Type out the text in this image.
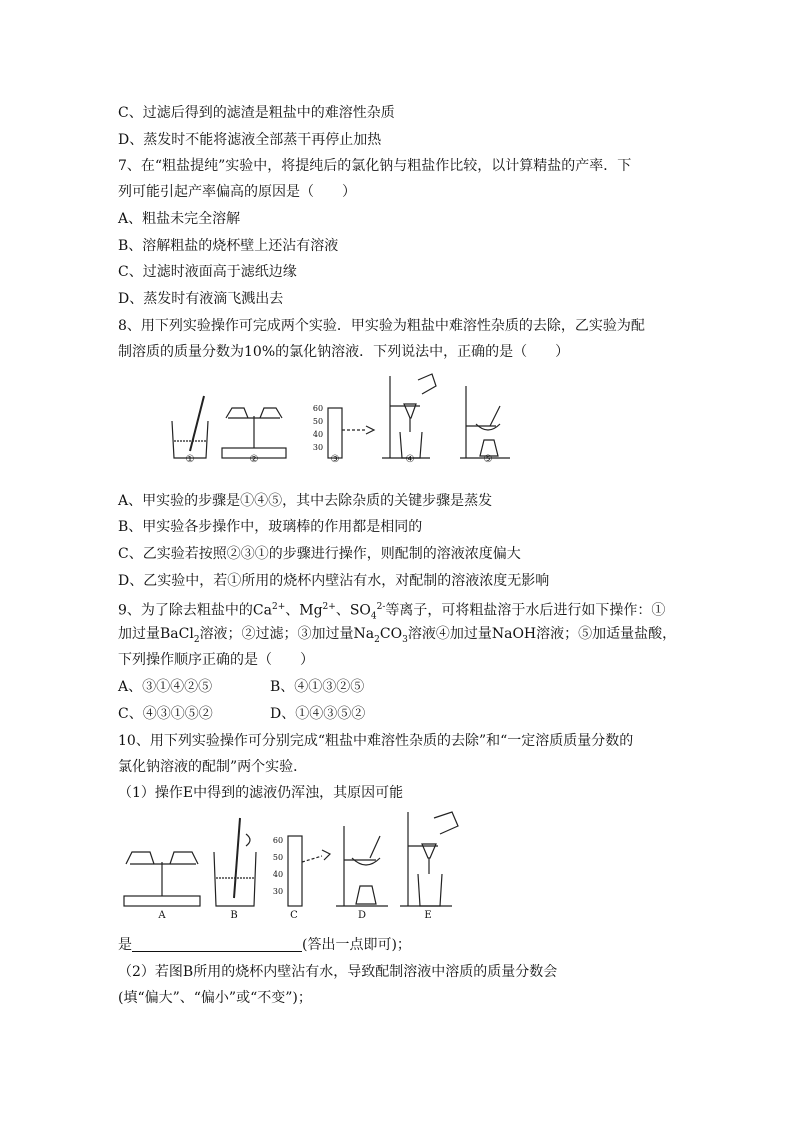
C、过滤后得到的滤渣是粗盐中的难溶性杂质
D、蒸发时不能将滤液全部蒸干再停止加热
7、在“粗盐提纯”实验中，将提纯后的氯化钠与粗盐作比较，以计算精盐的产率．下
列可能引起产率偏高的原因是（　　）
A、粗盐未完全溶解
B、溶解粗盐的烧杯壁上还沾有溶液
C、过滤时液面高于滤纸边缘
D、蒸发时有液滴飞溅出去
8、用下列实验操作可完成两个实验．甲实验为粗盐中难溶性杂质的去除，乙实验为配
制溶质的质量分数为10%的氯化钠溶液．下列说法中，正确的是（　　）
①	②	③	④	⑤
60
50
40
30
A、甲实验的步骤是①④⑤，其中去除杂质的关键步骤是蒸发
B、甲实验各步操作中，玻璃棒的作用都是相同的
C、乙实验若按照②③①的步骤进行操作，则配制的溶液浓度偏大
D、乙实验中，若①所用的烧杯内壁沾有水，对配制的溶液浓度无影响
9、为了除去粗盐中的$Ca^{2+}$、$Mg^{2+}$、$SO_4^{2-}$等离子，可将粗盐溶于水后进行如下操作：①
加过量BaCl$_2$溶液；②过滤；③加过量$Na_2CO_3$溶液④加过量NaOH溶液；⑤加适量盐酸，
下列操作顺序正确的是（　　）
A、③①④②⑤	B、④①③②⑤
C、④③①⑤②	D、①④③⑤②
10、用下列实验操作可分别完成“粗盐中难溶性杂质的去除”和“一定溶质质量分数的
氯化钠溶液的配制”两个实验．
（1）操作E中得到的滤液仍浑浊，其原因可能
A	B	C	D	E
60
50
40
30
是	(答出一点即可)；
（2）若图B所用的烧杯内壁沾有水，导致配制溶液中溶质的质量分数会
(填“偏大”、“偏小”或“不变”)；
